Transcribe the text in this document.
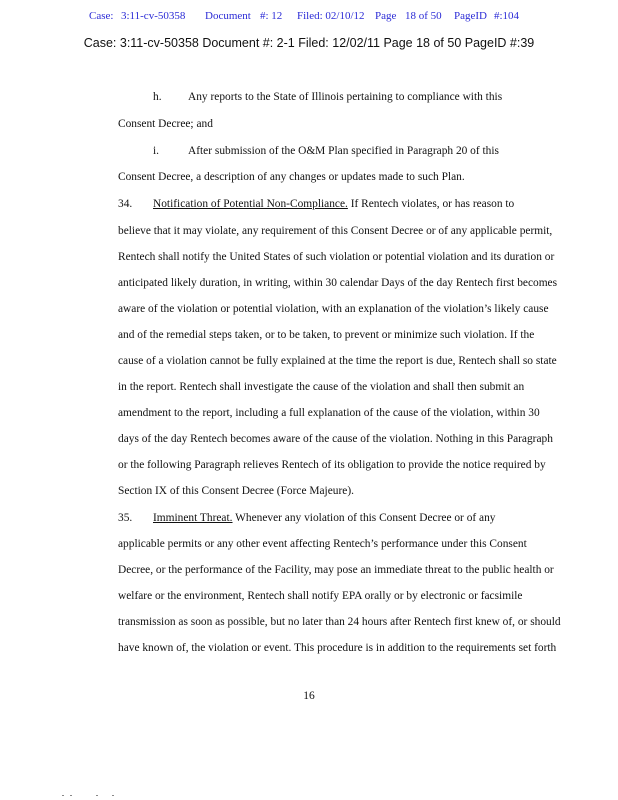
Case: 3:11-cv-50358 Document #: 12 Filed: 02/10/12 Page 18 of 50 PageID #:104
Case: 3:11-cv-50358 Document #: 2-1 Filed: 12/02/11 Page 18 of 50 PageID #:39
h. Any reports to the State of Illinois pertaining to compliance with this
Consent Decree; and
i.	After submission of the O&M Plan specified in Paragraph 20 of this
Consent Decree, a description of any changes or updates made to such Plan.
34. Notification of Potential Non-Compliance. If Rentech violates, or has reason to
believe that it may violate, any requirement of this Consent Decree or of any applicable permit,
Rentech shall notify the United States of such violation or potential violation and its duration or
anticipated likely duration, in writing, within 30 calendar Days of the day Rentech first becomes
aware of the violation or potential violation, with an explanation of the violation’s likely cause
and of the remedial steps taken, or to be taken, to prevent or minimize such violation. If the
cause of a violation cannot be fully explained at the time the report is due, Rentech shall so state
in the report. Rentech shall investigate the cause of the violation and shall then submit an
amendment to the report, including a full explanation of the cause of the violation, within 30
days of the day Rentech becomes aware of the cause of the violation. Nothing in this Paragraph
or the following Paragraph relieves Rentech of its obligation to provide the notice required by
Section IX of this Consent Decree (Force Majeure).
35. Imminent Threat. Whenever any violation of this Consent Decree or of any
applicable permits or any other event affecting Rentech’s performance under this Consent
Decree, or the performance of the Facility, may pose an immediate threat to the public health or
welfare or the environment, Rentech shall notify EPA orally or by electronic or facsimile
transmission as soon as possible, but no later than 24 hours after Rentech first knew of, or should
have known of, the violation or event. This procedure is in addition to the requirements set forth
16
